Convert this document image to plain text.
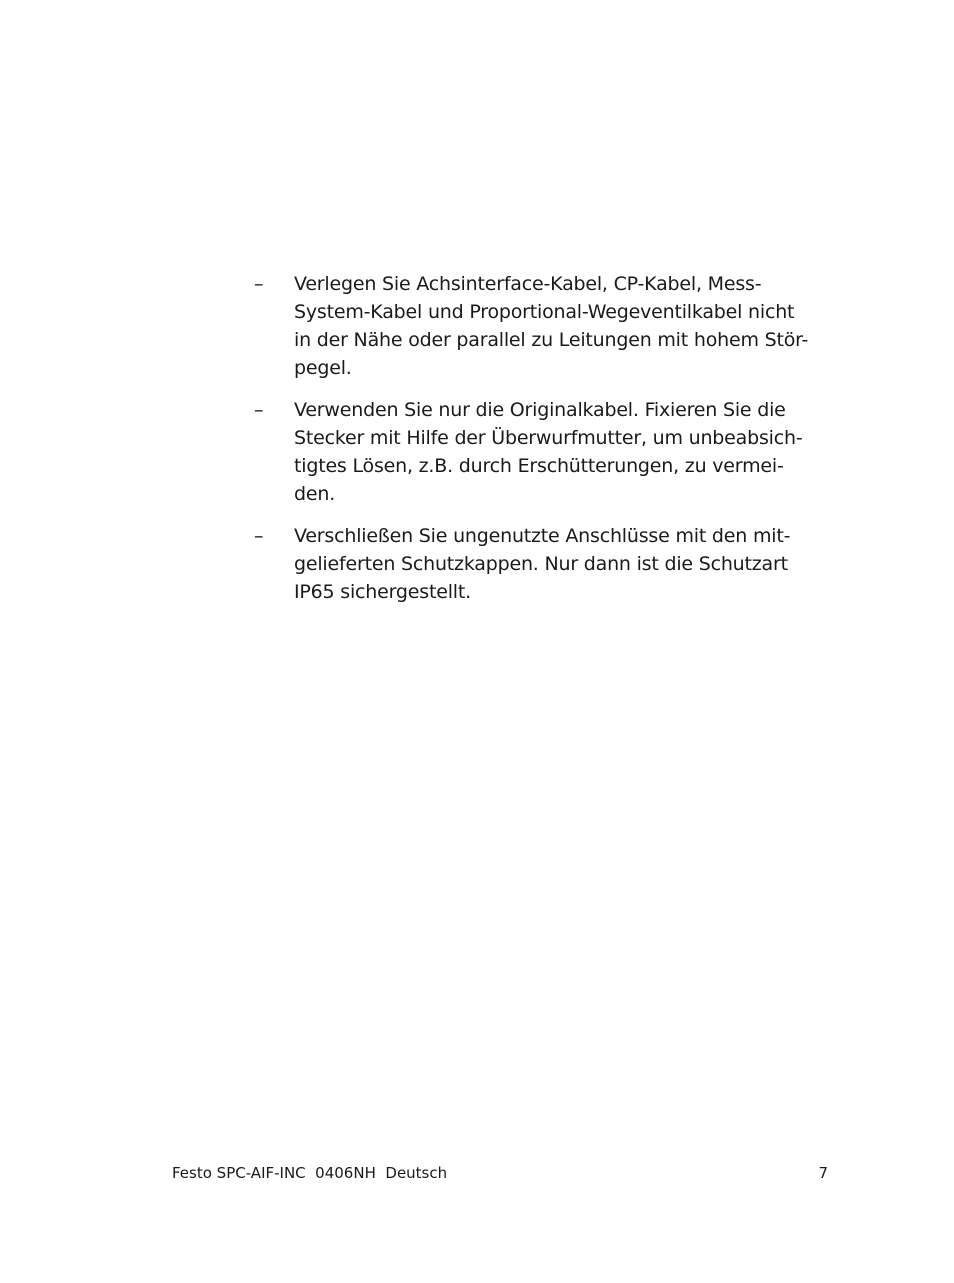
–	Verlegen Sie Achsinterface-Kabel, CP-Kabel, Mess-
System-Kabel und Proportional-Wegeventilkabel nicht
in der Nähe oder parallel zu Leitungen mit hohem Stör-
pegel.
–	Verwenden Sie nur die Originalkabel. Fixieren Sie die
Stecker mit Hilfe der Überwurfmutter, um unbeabsich-
tigtes Lösen, z.B. durch Erschütterungen, zu vermei-
den.
–	Verschließen Sie ungenutzte Anschlüsse mit den mit-
gelieferten Schutzkappen. Nur dann ist die Schutzart
IP65 sichergestellt.
Festo SPC-AIF-INC  0406NH  Deutsch	7
